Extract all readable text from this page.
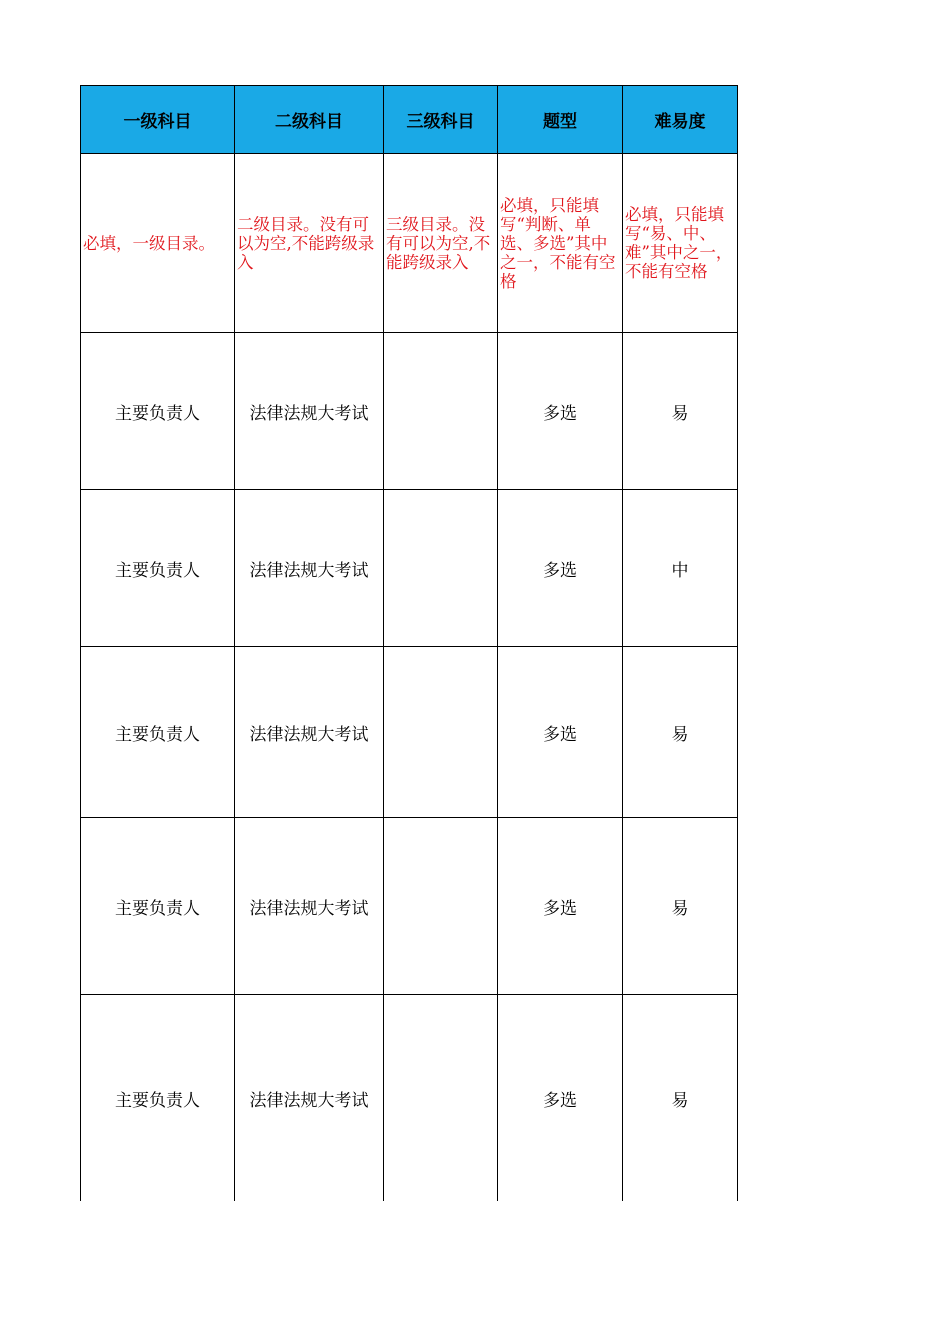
一级科目	二级科目	三级科目	题型	难易度
必填，一级目录。	二级目录。没有可以为空,不能跨级录入	三级目录。没有可以为空,不能跨级录入	必填，只能填写“判断、单选、多选”其中之一，不能有空格	必填，只能填写“易、中、难”其中之一，不能有空格
主要负责人	法律法规大考试		多选	易
主要负责人	法律法规大考试		多选	中
主要负责人	法律法规大考试		多选	易
主要负责人	法律法规大考试		多选	易
主要负责人	法律法规大考试		多选	易
